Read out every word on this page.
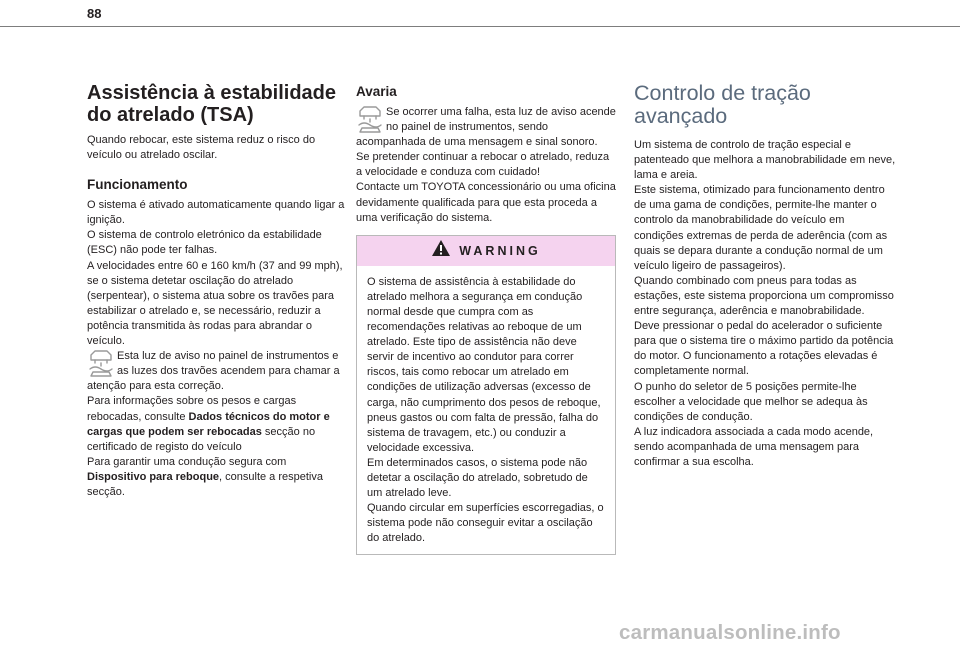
88
Assistência à estabilidade
do atrelado (TSA)

Quando rebocar, este sistema reduz o risco do veículo ou atrelado oscilar.

Funcionamento

O sistema é ativado automaticamente quando ligar a ignição.

O sistema de controlo eletrónico da estabilidade (ESC) não pode ter falhas.

A velocidades entre 60 e 160 km/h (37 and 99 mph), se o sistema detetar oscilação do atrelado (serpentear), o sistema atua sobre os travões para estabilizar o atrelado e, se necessário, reduzir a potência transmitida às rodas para abrandar o veículo.

Esta luz de aviso no painel de instrumentos e as luzes dos travões acendem para chamar a atenção para esta correção.

Para informações sobre os pesos e cargas rebocadas, consulte Dados técnicos do motor e cargas que podem ser rebocadas secção no certificado de registo do veículo

Para garantir uma condução segura com Dispositivo para reboque, consulte a respetiva secção.

Avaria

Se ocorrer uma falha, esta luz de aviso acende no painel de instrumentos, sendo acompanhada de uma mensagem e sinal sonoro.

Se pretender continuar a rebocar o atrelado, reduza a velocidade e conduza com cuidado!

Contacte um TOYOTA concessionário ou uma oficina devidamente qualificada para que esta proceda a uma verificação do sistema.

WARNING

O sistema de assistência à estabilidade do atrelado melhora a segurança em condução normal desde que cumpra com as recomendações relativas ao reboque de um atrelado. Este tipo de assistência não deve servir de incentivo ao condutor para correr riscos, tais como rebocar um atrelado em condições de utilização adversas (excesso de carga, não cumprimento dos pesos de reboque, pneus gastos ou com falta de pressão, falha do sistema de travagem, etc.) ou conduzir a velocidade excessiva.

Em determinados casos, o sistema pode não detetar a oscilação do atrelado, sobretudo de um atrelado leve.

Quando circular em superfícies escorregadias, o sistema pode não conseguir evitar a oscilação do atrelado.

Controlo de tração
avançado

Um sistema de controlo de tração especial e patenteado que melhora a manobrabilidade em neve, lama e areia.

Este sistema, otimizado para funcionamento dentro de uma gama de condições, permite-lhe manter o controlo da manobrabilidade do veículo em condições extremas de perda de aderência (com as quais se depara durante a condução normal de um veículo ligeiro de passageiros).

Quando combinado com pneus para todas as estações, este sistema proporciona um compromisso entre segurança, aderência e manobrabilidade.

Deve pressionar o pedal do acelerador o suficiente para que o sistema tire o máximo partido da potência do motor. O funcionamento a rotações elevadas é completamente normal.

O punho do seletor de 5 posições permite-lhe escolher a velocidade que melhor se adequa às condições de condução.

A luz indicadora associada a cada modo acende, sendo acompanhada de uma mensagem para confirmar a sua escolha.

carmanualsonline.info
